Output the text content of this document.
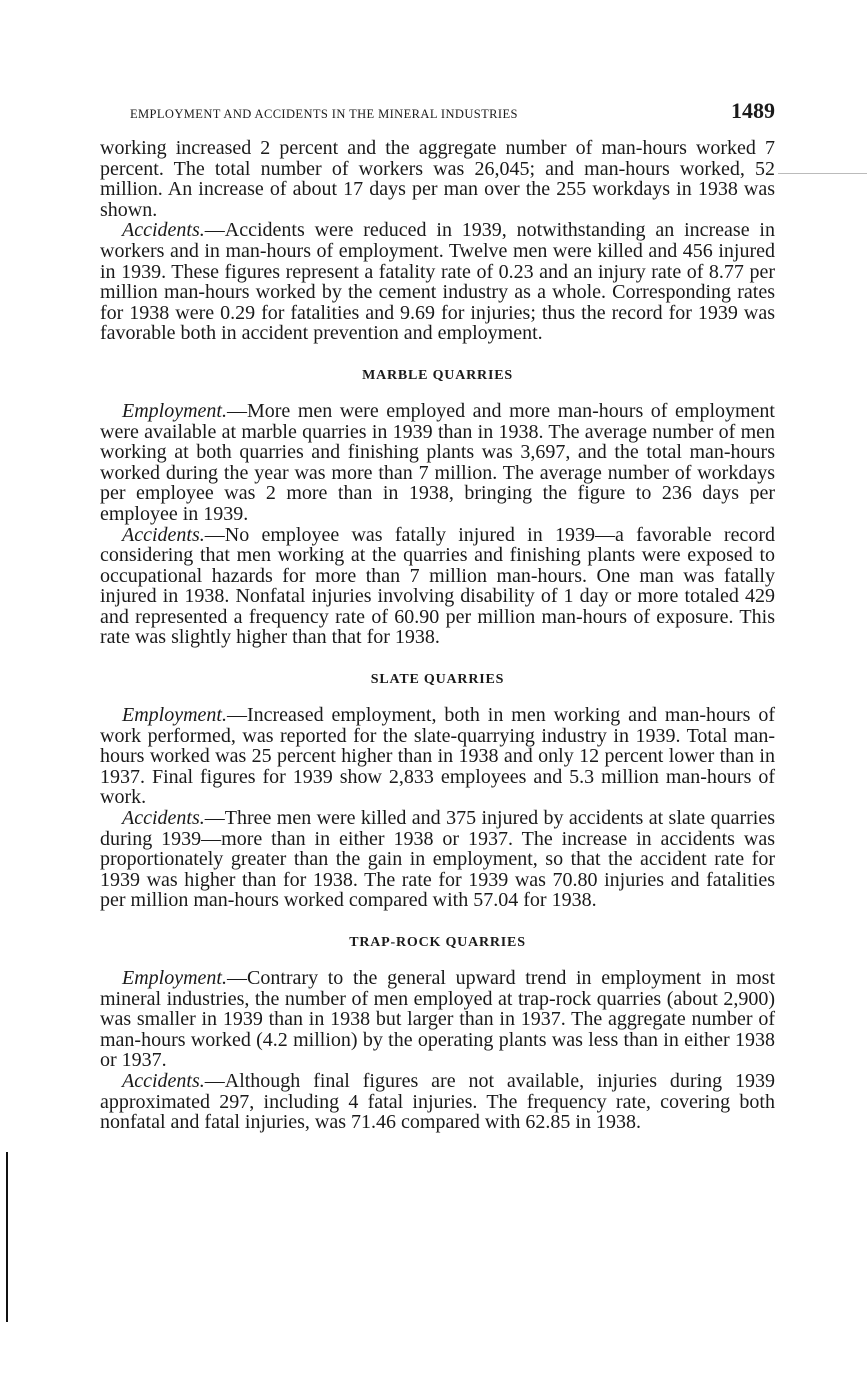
EMPLOYMENT AND ACCIDENTS IN THE MINERAL INDUSTRIES	1489

working increased 2 percent and the aggregate number of man-hours worked 7 percent. The total number of workers was 26,045; and man-hours worked, 52 million. An increase of about 17 days per man over the 255 workdays in 1938 was shown.

Accidents.—Accidents were reduced in 1939, notwithstanding an increase in workers and in man-hours of employment. Twelve men were killed and 456 injured in 1939. These figures represent a fatality rate of 0.23 and an injury rate of 8.77 per million man-hours worked by the cement industry as a whole. Corresponding rates for 1938 were 0.29 for fatalities and 9.69 for injuries; thus the record for 1939 was favorable both in accident prevention and employment.

MARBLE QUARRIES

Employment.—More men were employed and more man-hours of employment were available at marble quarries in 1939 than in 1938. The average number of men working at both quarries and finishing plants was 3,697, and the total man-hours worked during the year was more than 7 million. The average number of workdays per employee was 2 more than in 1938, bringing the figure to 236 days per employee in 1939.

Accidents.—No employee was fatally injured in 1939—a favorable record considering that men working at the quarries and finishing plants were exposed to occupational hazards for more than 7 million man-hours. One man was fatally injured in 1938. Nonfatal injuries involving disability of 1 day or more totaled 429 and represented a frequency rate of 60.90 per million man-hours of exposure. This rate was slightly higher than that for 1938.

SLATE QUARRIES

Employment.—Increased employment, both in men working and man-hours of work performed, was reported for the slate-quarrying industry in 1939. Total man-hours worked was 25 percent higher than in 1938 and only 12 percent lower than in 1937. Final figures for 1939 show 2,833 employees and 5.3 million man-hours of work.

Accidents.—Three men were killed and 375 injured by accidents at slate quarries during 1939—more than in either 1938 or 1937. The increase in accidents was proportionately greater than the gain in employment, so that the accident rate for 1939 was higher than for 1938. The rate for 1939 was 70.80 injuries and fatalities per million man-hours worked compared with 57.04 for 1938.

TRAP-ROCK QUARRIES

Employment.—Contrary to the general upward trend in employment in most mineral industries, the number of men employed at trap-rock quarries (about 2,900) was smaller in 1939 than in 1938 but larger than in 1937. The aggregate number of man-hours worked (4.2 million) by the operating plants was less than in either 1938 or 1937.

Accidents.—Although final figures are not available, injuries during 1939 approximated 297, including 4 fatal injuries. The frequency rate, covering both nonfatal and fatal injuries, was 71.46 compared with 62.85 in 1938.
